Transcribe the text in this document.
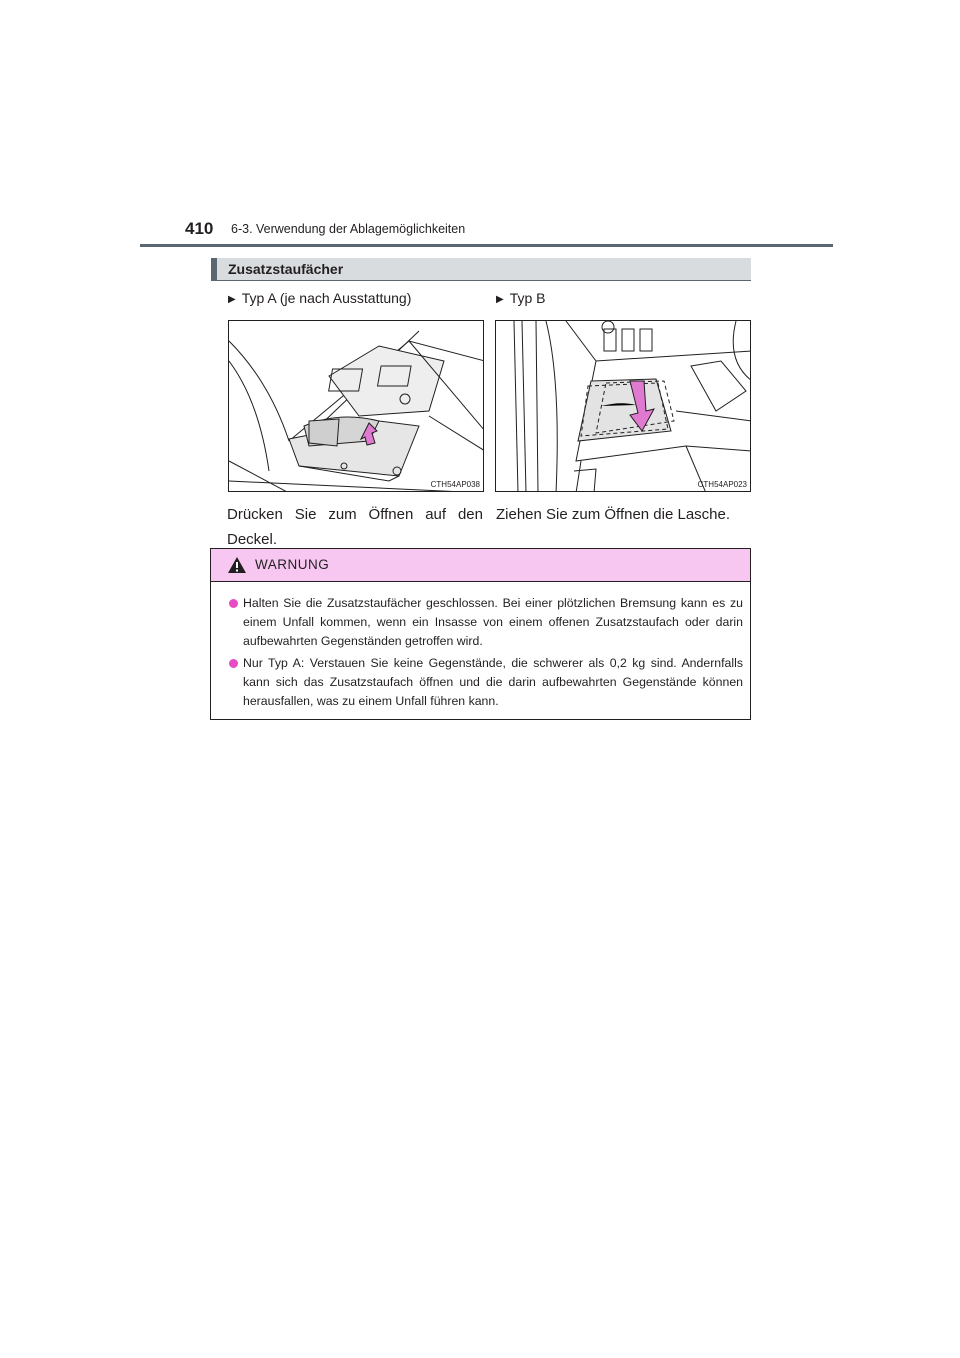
410 6-3. Verwendung der Ablagemöglichkeiten
Zusatzstaufächer
▶ Typ A (je nach Ausstattung)	▶ Typ B
CTH54AP038	CTH54AP023
Drücken Sie zum Öffnen auf den Deckel.
Ziehen Sie zum Öffnen die Lasche.
WARNUNG
Halten Sie die Zusatzstaufächer geschlossen. Bei einer plötzlichen Bremsung kann es zu einem Unfall kommen, wenn ein Insasse von einem offenen Zusatzstaufach oder darin aufbewahrten Gegenständen getroffen wird.
Nur Typ A: Verstauen Sie keine Gegenstände, die schwerer als 0,2 kg sind. Andernfalls kann sich das Zusatzstaufach öffnen und die darin aufbewahrten Gegenstände können herausfallen, was zu einem Unfall führen kann.
